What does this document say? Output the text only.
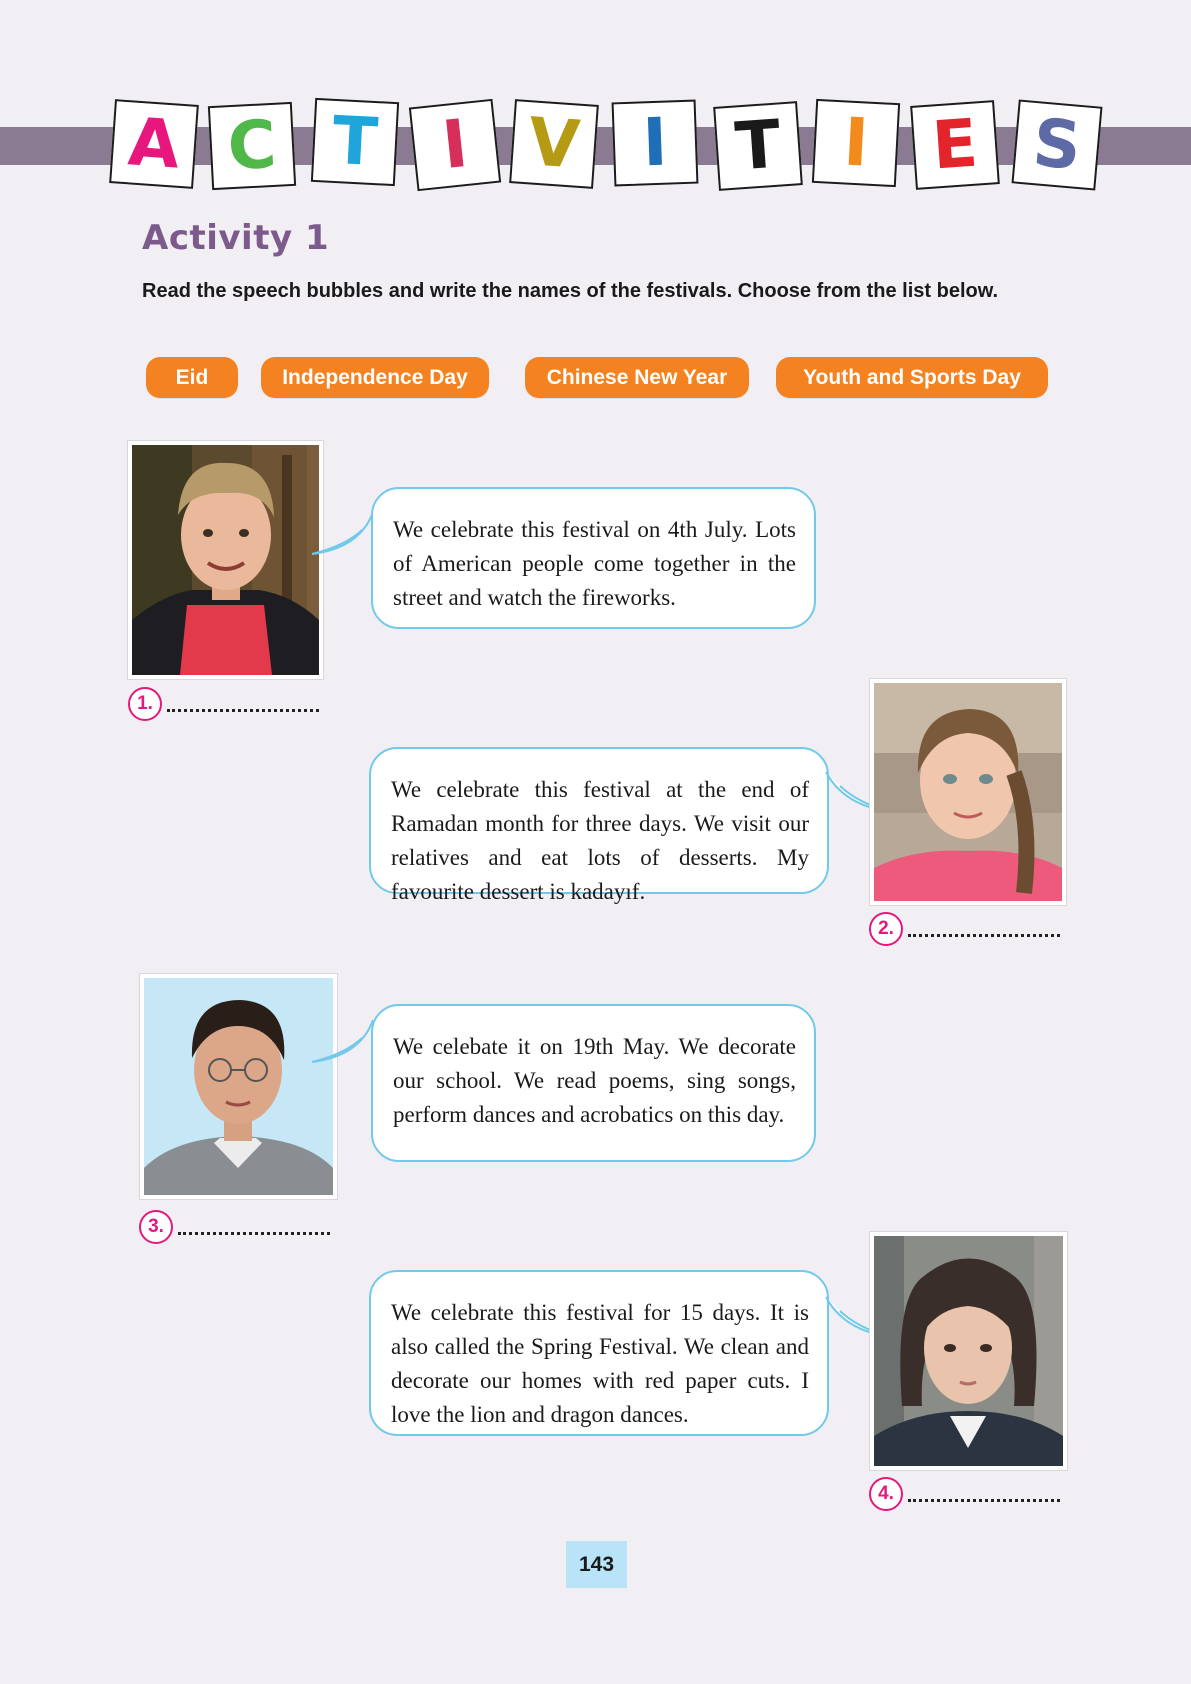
A C T I V I T I E S
Activity 1
Read the speech bubbles and write the names of the festivals. Choose from the list below.
Eid	Independence Day	Chinese New Year	Youth and Sports Day
We celebrate this festival on 4th July. Lots of American people come together in the street and watch the fireworks.
1.
We celebrate this festival at the end of Ramadan month for three days. We visit our relatives and eat lots of desserts. My favourite dessert is kadayıf.
2.
We celebate it on 19th May. We decorate our school. We read poems, sing songs, perform dances and acrobatics on this day.
3.
We celebrate this festival for 15 days. It is also called the Spring Festival. We clean and decorate our homes with red paper cuts. I love the lion and dragon dances.
4.
143
